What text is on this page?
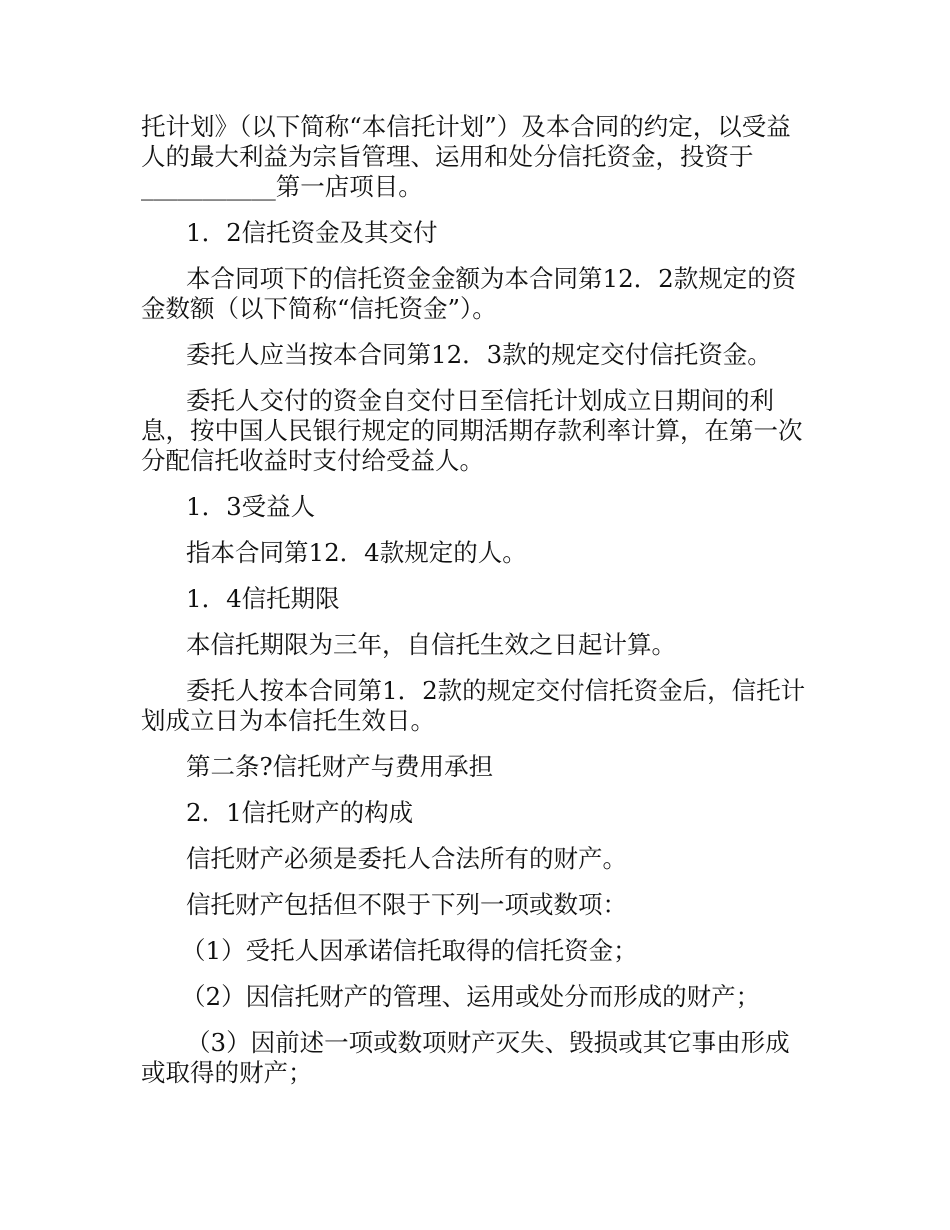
托计划》（以下简称“本信托计划”）及本合同的约定，以受益人的最大利益为宗旨管理、运用和处分信托资金，投资于___________第一店项目。

1．2信托资金及其交付

本合同项下的信托资金金额为本合同第12．2款规定的资金数额（以下简称“信托资金”）。

委托人应当按本合同第12．3款的规定交付信托资金。

委托人交付的资金自交付日至信托计划成立日期间的利息，按中国人民银行规定的同期活期存款利率计算，在第一次分配信托收益时支付给受益人。

1．3受益人

指本合同第12．4款规定的人。

1．4信托期限

本信托期限为三年，自信托生效之日起计算。

委托人按本合同第1．2款的规定交付信托资金后，信托计划成立日为本信托生效日。

第二条?信托财产与费用承担

2．1信托财产的构成

信托财产必须是委托人合法所有的财产。

信托财产包括但不限于下列一项或数项：

（1）受托人因承诺信托取得的信托资金；

（2）因信托财产的管理、运用或处分而形成的财产；

（3）因前述一项或数项财产灭失、毁损或其它事由形成或取得的财产；
